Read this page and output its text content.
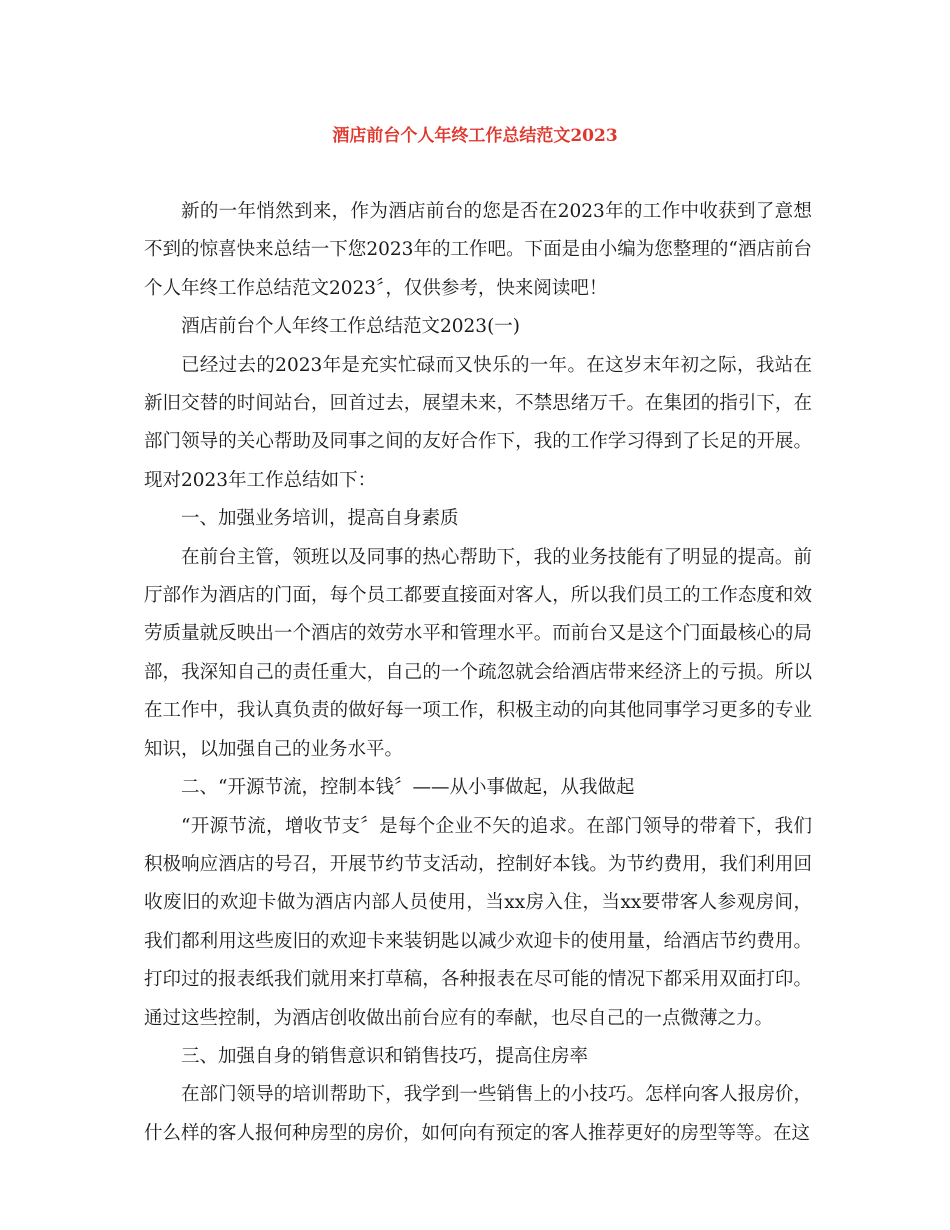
酒店前台个人年终工作总结范文2023

新的一年悄然到来，作为酒店前台的您是否在2023年的工作中收获到了意想不到的惊喜快来总结一下您2023年的工作吧。下面是由小编为您整理的“酒店前台个人年终工作总结范文2023〞，仅供参考，快来阅读吧！

酒店前台个人年终工作总结范文2023(一)

已经过去的2023年是充实忙碌而又快乐的一年。在这岁末年初之际，我站在新旧交替的时间站台，回首过去，展望未来，不禁思绪万千。在集团的指引下，在部门领导的关心帮助及同事之间的友好合作下，我的工作学习得到了长足的开展。现对2023年工作总结如下：

一、加强业务培训，提高自身素质

在前台主管，领班以及同事的热心帮助下，我的业务技能有了明显的提高。前厅部作为酒店的门面，每个员工都要直接面对客人，所以我们员工的工作态度和效劳质量就反映出一个酒店的效劳水平和管理水平。而前台又是这个门面最核心的局部，我深知自己的责任重大，自己的一个疏忽就会给酒店带来经济上的亏损。所以在工作中，我认真负责的做好每一项工作，积极主动的向其他同事学习更多的专业知识，以加强自己的业务水平。

二、“开源节流，控制本钱〞——从小事做起，从我做起

“开源节流，增收节支〞是每个企业不矢的追求。在部门领导的带着下，我们积极响应酒店的号召，开展节约节支活动，控制好本钱。为节约费用，我们利用回收废旧的欢迎卡做为酒店内部人员使用，当xx房入住，当xx要带客人参观房间，我们都利用这些废旧的欢迎卡来装钥匙以减少欢迎卡的使用量，给酒店节约费用。打印过的报表纸我们就用来打草稿，各种报表在尽可能的情况下都采用双面打印。通过这些控制，为酒店创收做出前台应有的奉献，也尽自己的一点微薄之力。

三、加强自身的销售意识和销售技巧，提高住房率

在部门领导的培训帮助下，我学到一些销售上的小技巧。怎样向客人报房价，什么样的客人报何种房型的房价，如何向有预定的客人推荐更好的房型等等。在这
